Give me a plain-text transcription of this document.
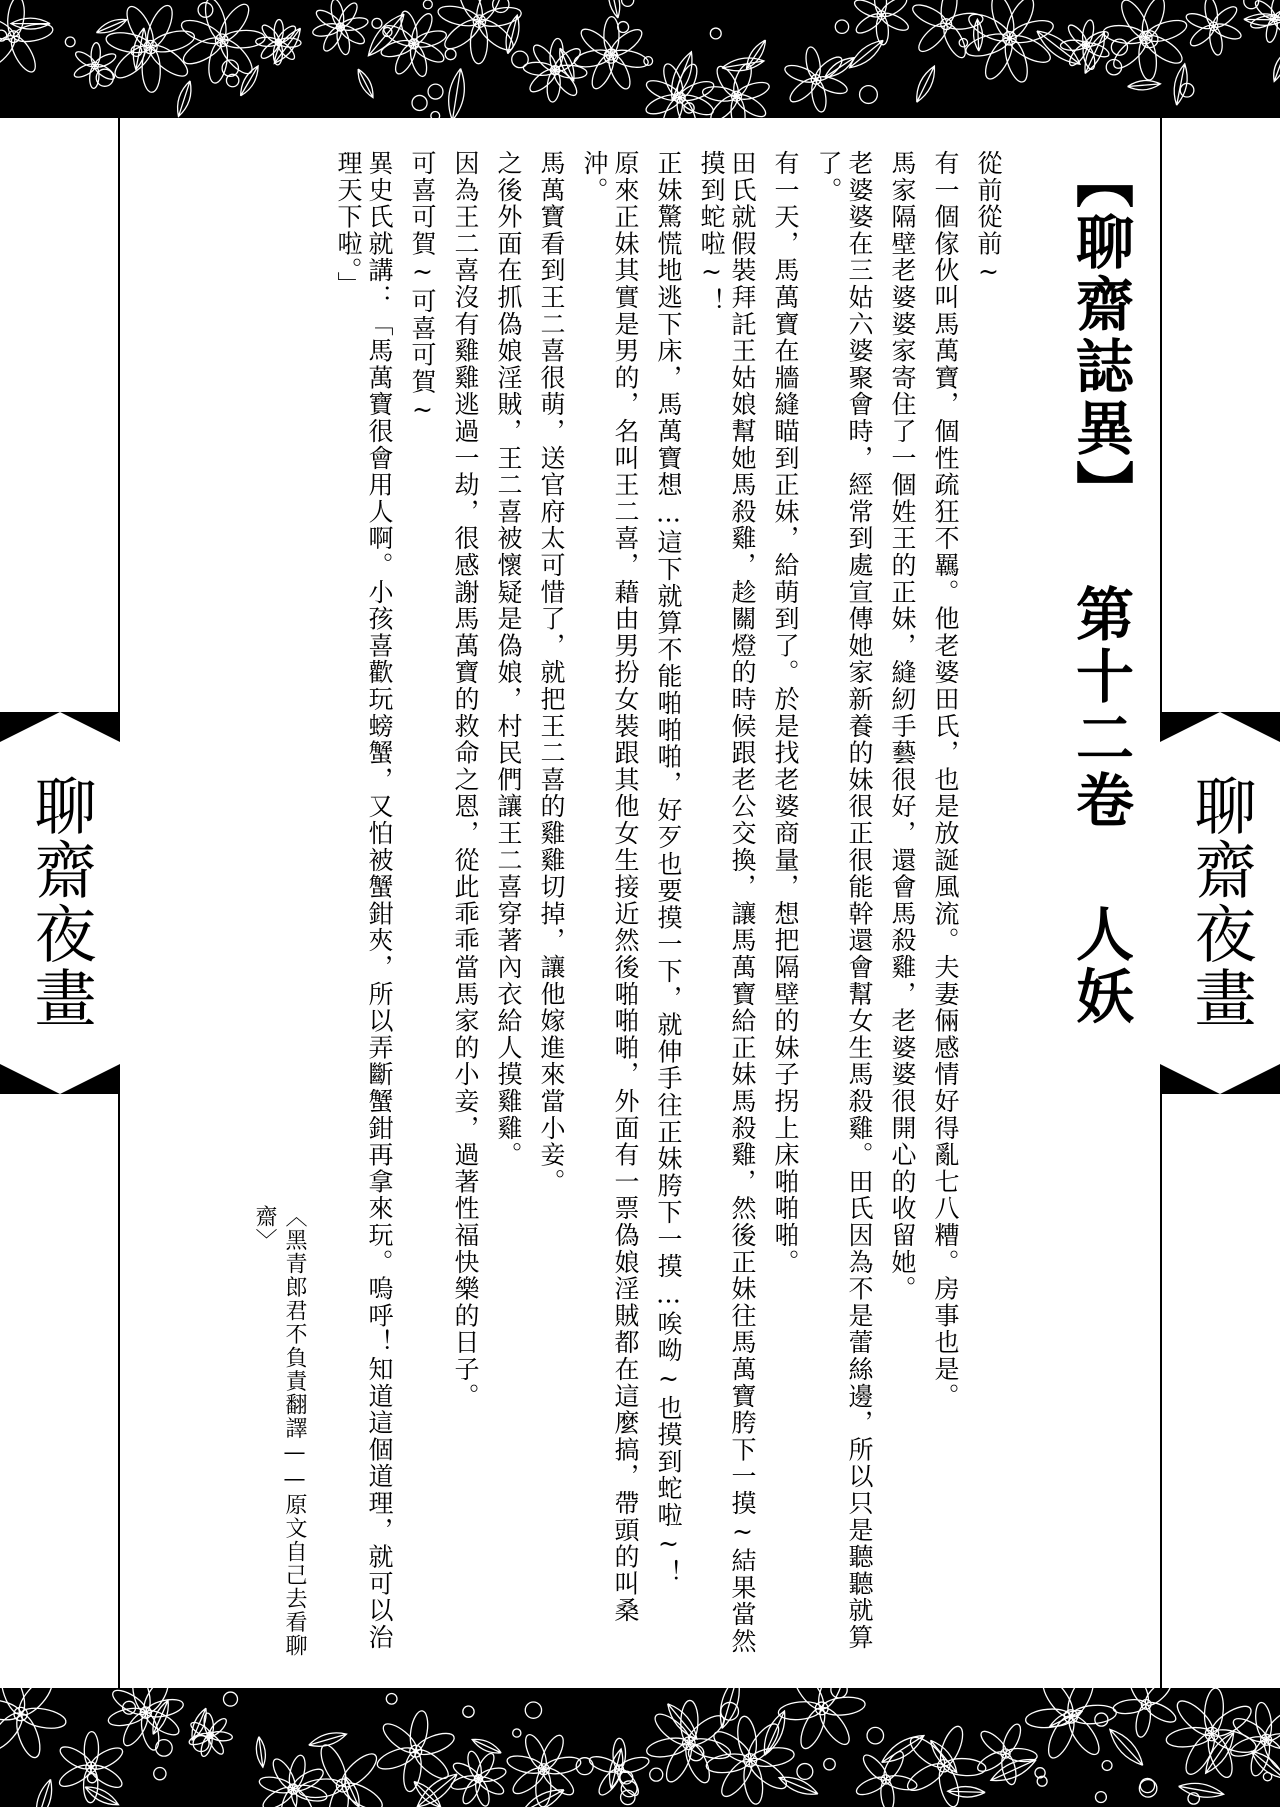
聊齋夜畫	聊齋夜畫
【聊齋誌異】第十二卷 人妖
從前從前~
有一個傢伙叫馬萬寶，個性疏狂不羈。他老婆田氏，也是放誕風流。夫妻倆感情好得亂七八糟。房事也是。
馬家隔壁老婆婆家寄住了一個姓王的正妹，縫紉手藝很好，還會馬殺雞，老婆婆很開心的收留她。
老婆婆在三姑六婆聚會時，經常到處宣傳她家新養的妹很正很能幹還會幫女生馬殺雞。田氏因為不是蕾絲邊，所以只是聽聽就算了。
有一天，馬萬寶在牆縫瞄到正妹，給萌到了。於是找老婆商量，想把隔壁的妹子拐上床啪啪啪。
田氏就假裝拜託王姑娘幫她馬殺雞，趁關燈的時候跟老公交換，讓馬萬寶給正妹馬殺雞，然後正妹往馬萬寶胯下一摸~結果當然摸到蛇啦~！
正妹驚慌地逃下床，馬萬寶想…這下就算不能啪啪啪，好歹也要摸一下，就伸手往正妹胯下一摸…唉呦~也摸到蛇啦~！
原來正妹其實是男的，名叫王二喜，藉由男扮女裝跟其他女生接近然後啪啪啪，外面有一票偽娘淫賊都在這麼搞，帶頭的叫桑沖。
馬萬寶看到王二喜很萌，送官府太可惜了，就把王二喜的雞雞切掉，讓他嫁進來當小妾。
之後外面在抓偽娘淫賊，王二喜被懷疑是偽娘，村民們讓王二喜穿著內衣給人摸雞雞。
因為王二喜沒有雞雞逃過一劫，很感謝馬萬寶的救命之恩，從此乖乖當馬家的小妾，過著性福快樂的日子。
可喜可賀~可喜可賀~
異史氏就講：「馬萬寶很會用人啊。小孩喜歡玩螃蟹，又怕被蟹鉗夾，所以弄斷蟹鉗再拿來玩。嗚呼！知道這個道理，就可以治理天下啦。」
〈黑青郎君不負責翻譯——原文自己去看聊齋〉
